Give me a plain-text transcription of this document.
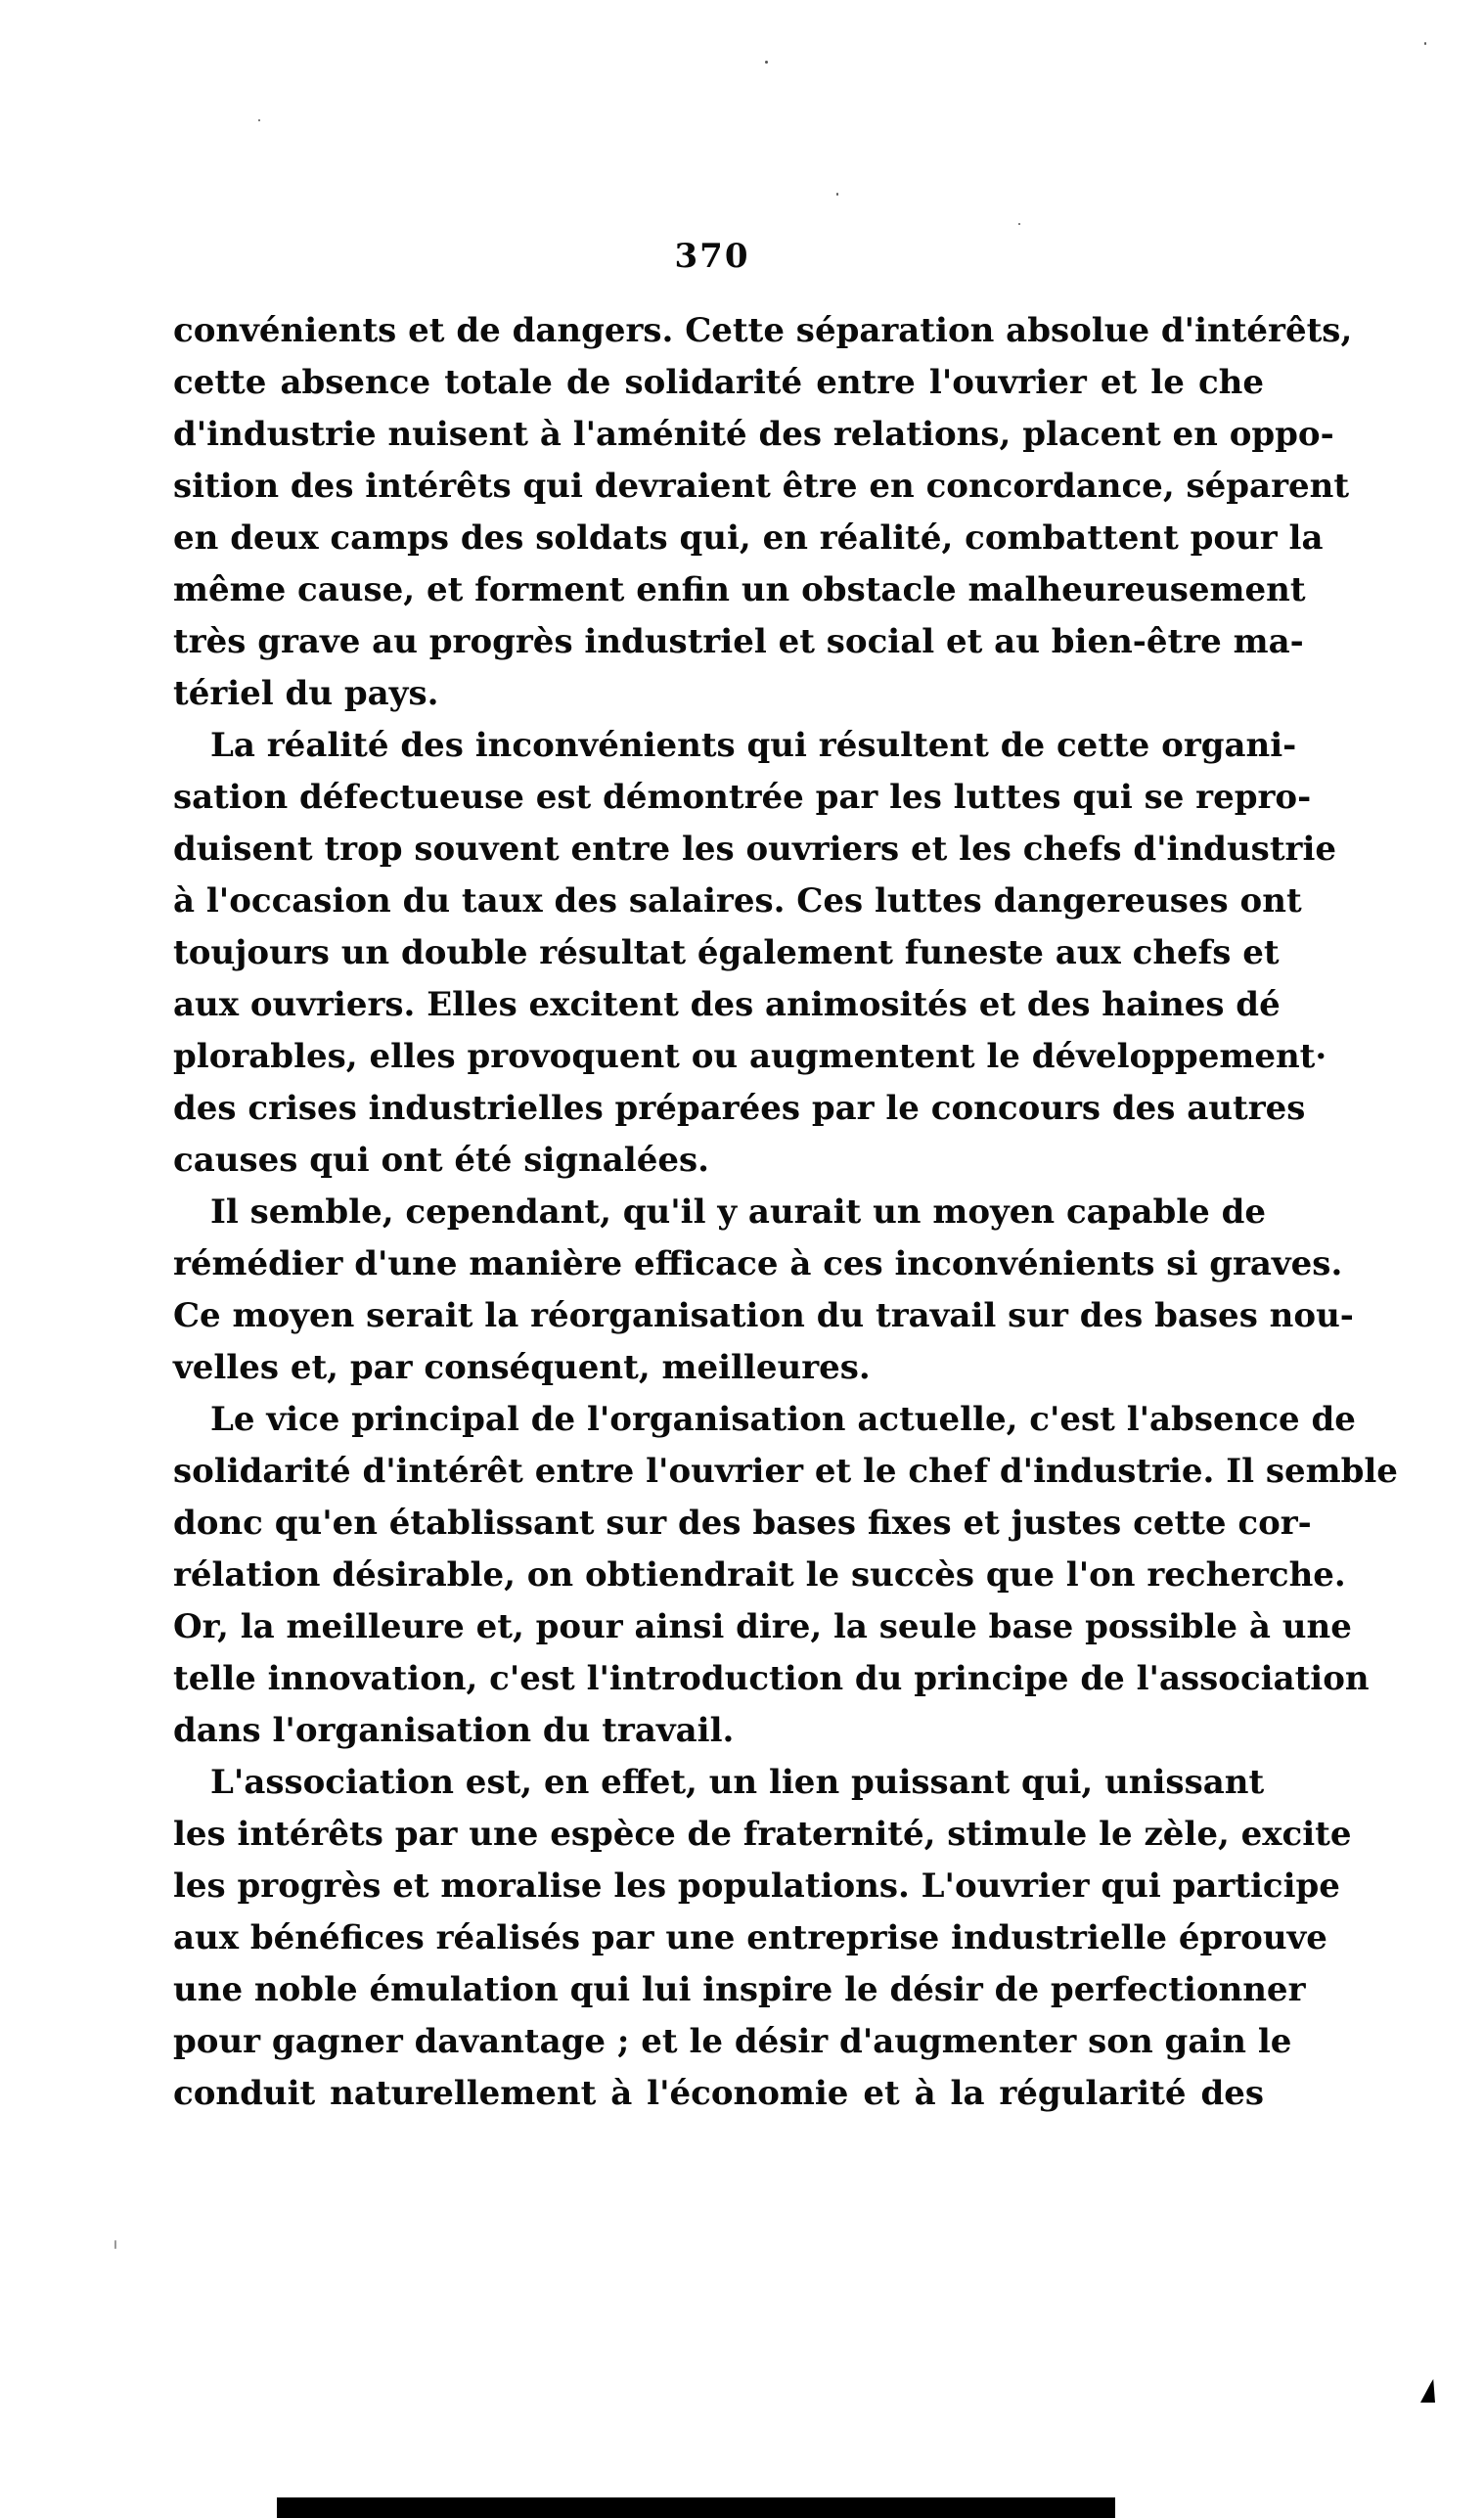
370
convénients et de dangers. Cette séparation absolue d'intérêts,
cette absence totale de solidarité entre l'ouvrier et le che
d'industrie nuisent à l'aménité des relations, placent en oppo-
sition des intérêts qui devraient être en concordance, séparent
en deux camps des soldats qui, en réalité, combattent pour la
même cause, et forment enfin un obstacle malheureusement
très grave au progrès industriel et social et au bien-être ma-
tériel du pays.
La réalité des inconvénients qui résultent de cette organi-
sation défectueuse est démontrée par les luttes qui se repro-
duisent trop souvent entre les ouvriers et les chefs d'industrie
à l'occasion du taux des salaires. Ces luttes dangereuses ont
toujours un double résultat également funeste aux chefs et
aux ouvriers. Elles excitent des animosités et des haines dé
plorables, elles provoquent ou augmentent le développement·
des crises industrielles préparées par le concours des autres
causes qui ont été signalées.
Il semble, cependant, qu'il y aurait un moyen capable de
rémédier d'une manière efficace à ces inconvénients si graves.
Ce moyen serait la réorganisation du travail sur des bases nou-
velles et, par conséquent, meilleures.
Le vice principal de l'organisation actuelle, c'est l'absence de
solidarité d'intérêt entre l'ouvrier et le chef d'industrie. Il semble
donc qu'en établissant sur des bases fixes et justes cette cor-
rélation désirable, on obtiendrait le succès que l'on recherche.
Or, la meilleure et, pour ainsi dire, la seule base possible à une
telle innovation, c'est l'introduction du principe de l'association
dans l'organisation du travail.
L'association est, en effet, un lien puissant qui, unissant
les intérêts par une espèce de fraternité, stimule le zèle, excite
les progrès et moralise les populations. L'ouvrier qui participe
aux bénéfices réalisés par une entreprise industrielle éprouve
une noble émulation qui lui inspire le désir de perfectionner
pour gagner davantage ; et le désir d'augmenter son gain le
conduit naturellement à l'économie et à la régularité des
